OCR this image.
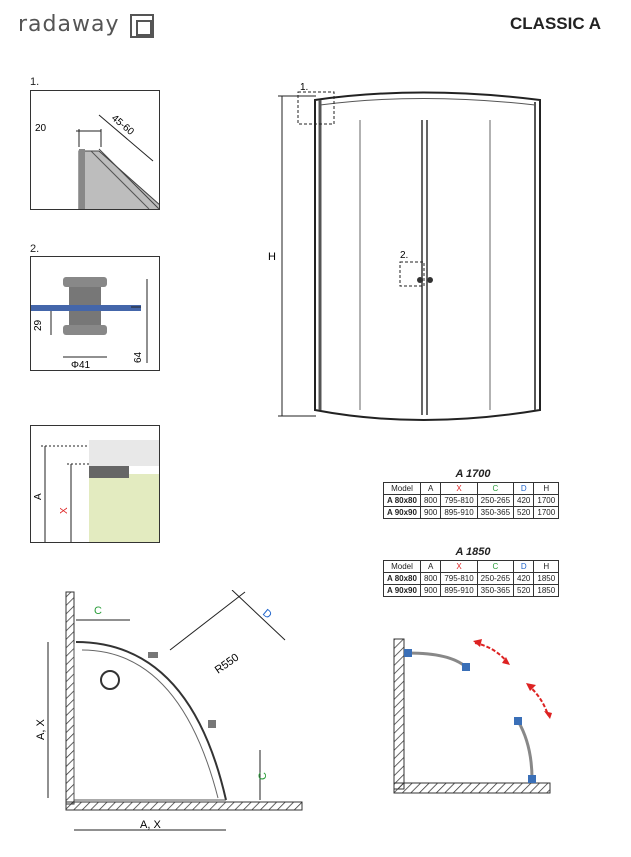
radaway	CLASSIC A
1.
20	45-60
2.
29
64
Φ41
A
X
1.
2.
H
A 1700
Model	A	X	C	D	H
A 80x80	800	795-810	250-265	420	1700
A 90x90	900	895-910	350-365	520	1700
A 1850
Model	A	X	C	D	H
A 80x80	800	795-810	250-265	420	1850
A 90x90	900	895-910	350-365	520	1850
C	D
R550
A, X
C
A, X
